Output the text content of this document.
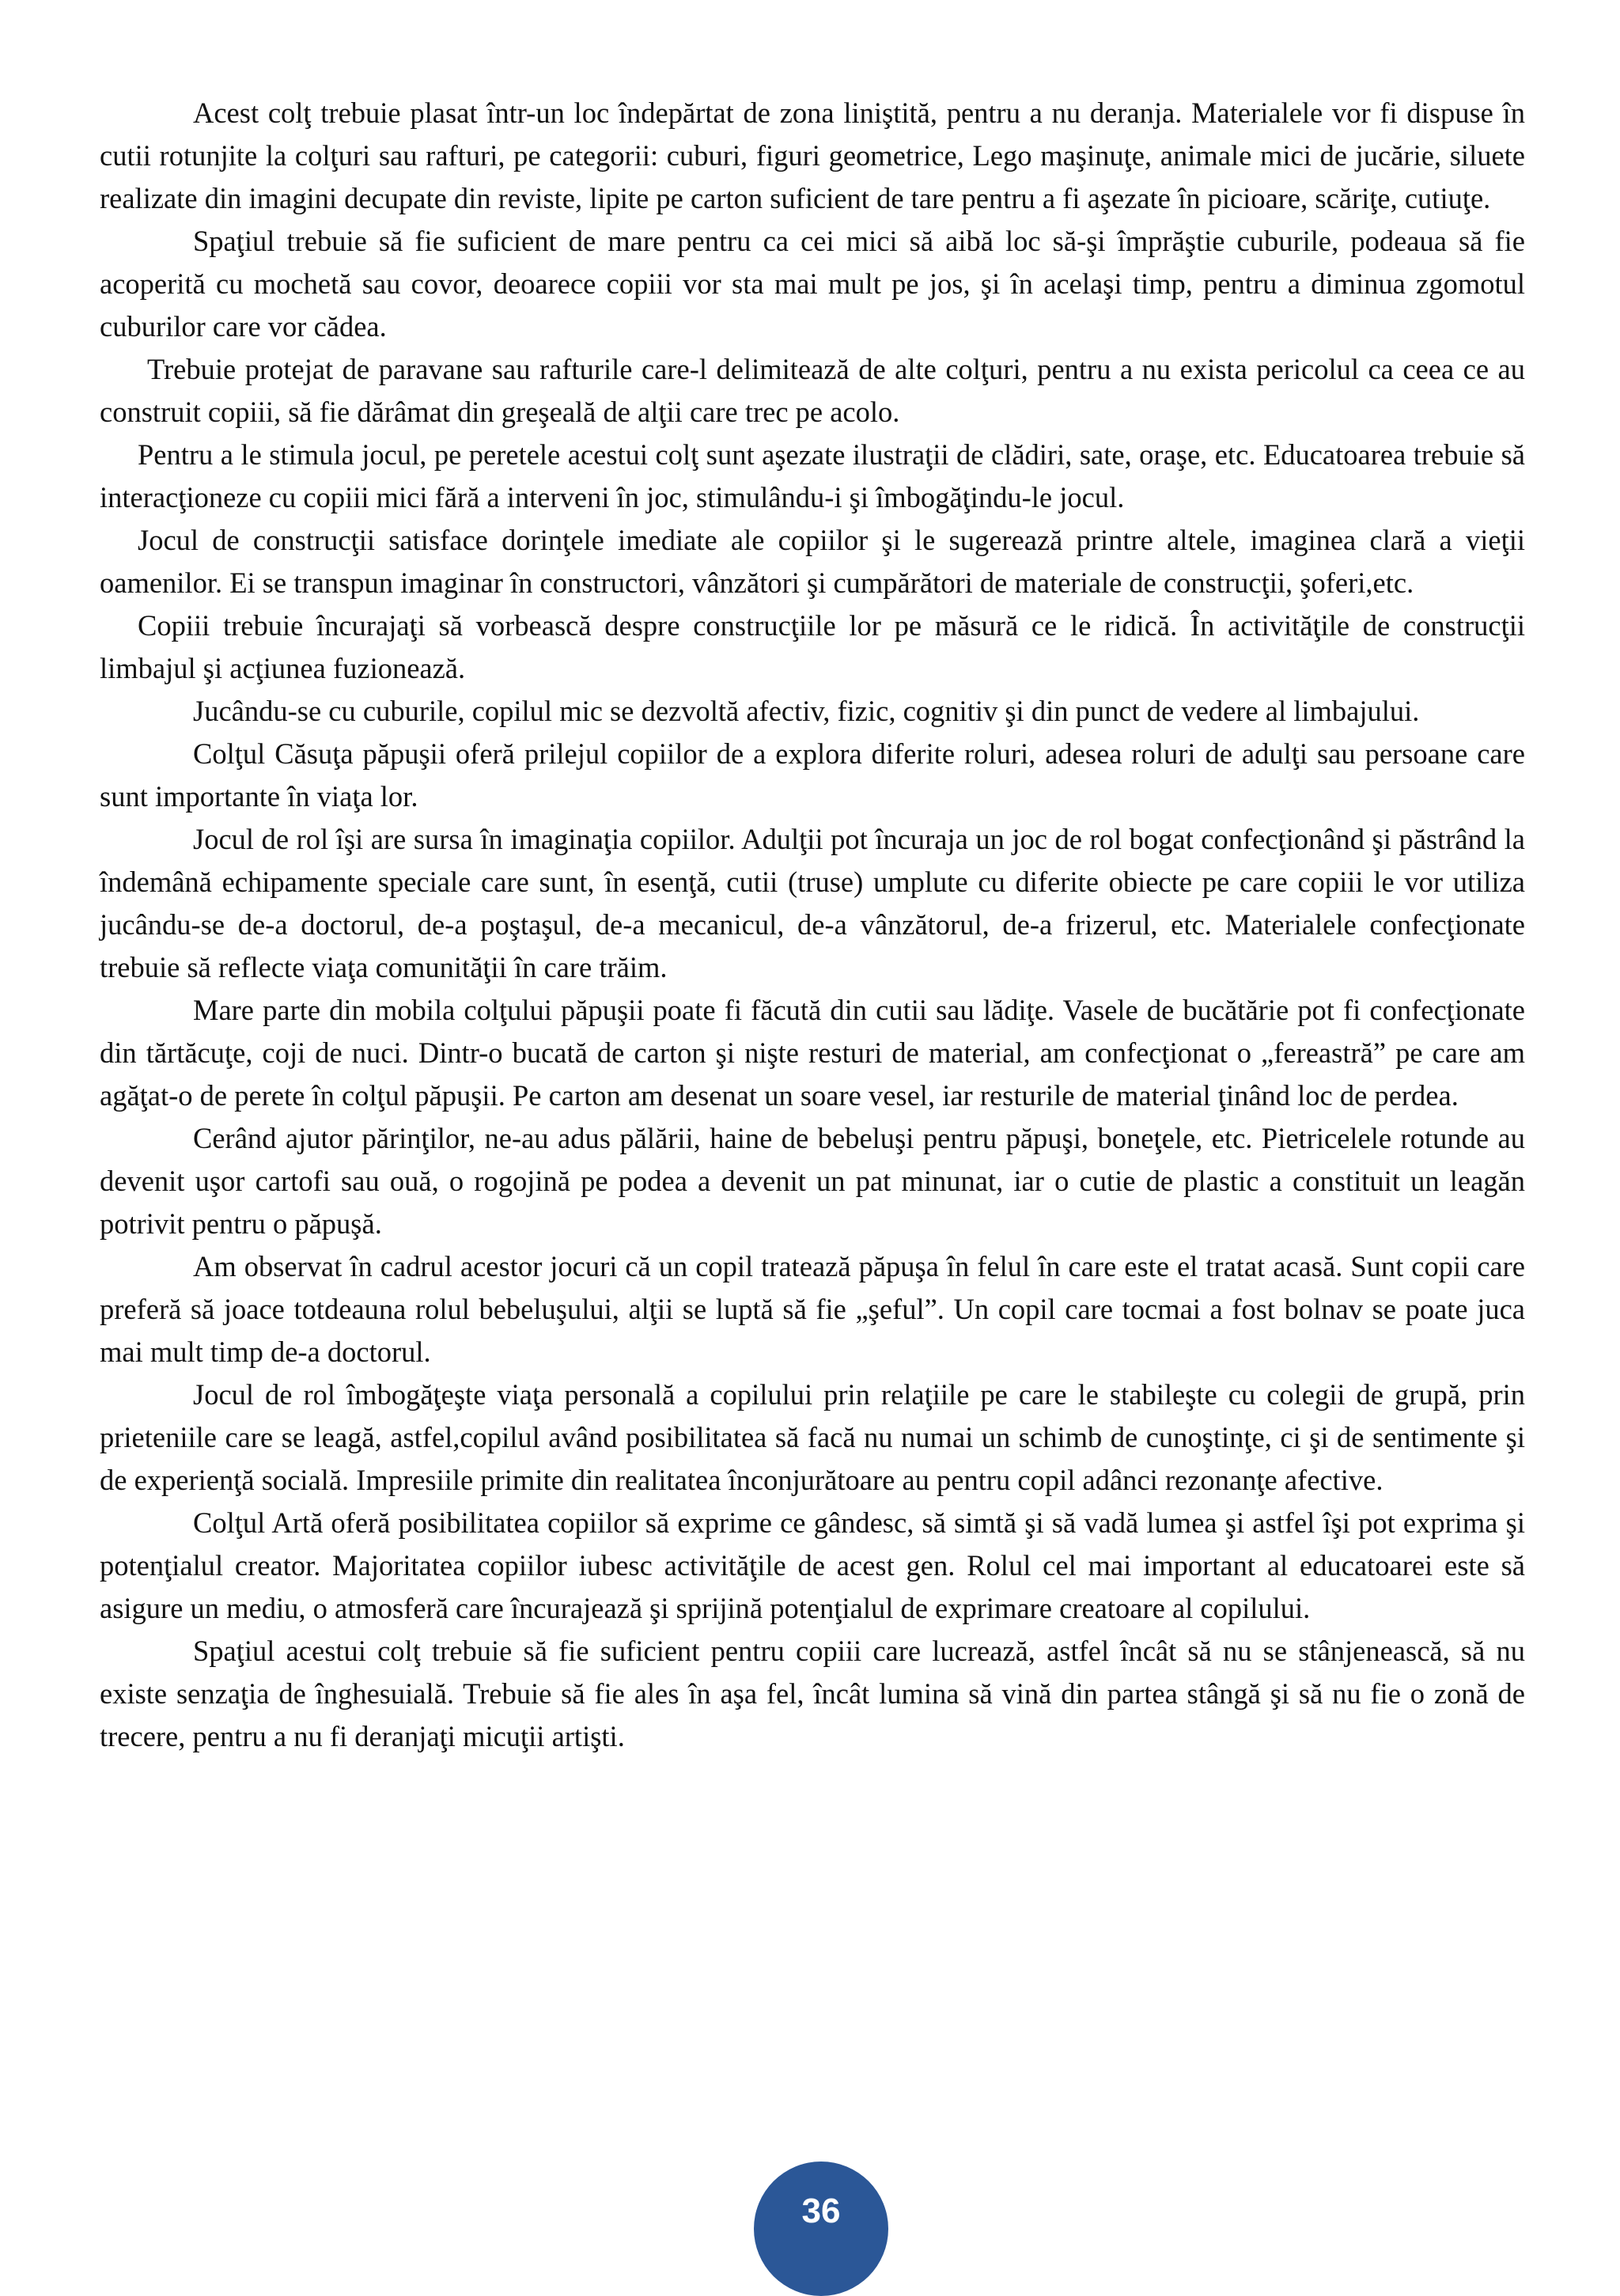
Acest colţ trebuie plasat într-un loc îndepărtat de zona liniştită, pentru a nu deranja. Materialele vor fi dispuse în cutii rotunjite la colţuri sau rafturi, pe categorii: cuburi, figuri geometrice, Lego maşinuţe, animale mici de jucărie, siluete realizate din imagini decupate din reviste, lipite pe carton suficient de tare pentru a fi aşezate în picioare, scăriţe, cutiuţe.

Spaţiul trebuie să fie suficient de mare pentru ca cei mici să aibă loc să-şi împrăştie cuburile, podeaua să fie acoperită cu mochetă sau covor, deoarece copiii vor sta mai mult pe jos, şi în acelaşi timp, pentru a diminua zgomotul cuburilor care vor cădea.

Trebuie protejat de paravane sau rafturile care-l delimitează de alte colţuri, pentru a nu exista pericolul ca ceea ce au construit copiii, să fie dărâmat din greşeală de alţii care trec pe acolo.

Pentru a le stimula jocul, pe peretele acestui colţ sunt aşezate ilustraţii de clădiri, sate, oraşe, etc. Educatoarea trebuie să interacţioneze cu copiii mici fără a interveni în joc, stimulându-i şi îmbogăţindu-le jocul.

Jocul de construcţii satisface dorinţele imediate ale copiilor şi le sugerează printre altele, imaginea clară a vieţii oamenilor. Ei se transpun imaginar în constructori, vânzători şi cumpărători de materiale de construcţii, şoferi,etc.

Copiii trebuie încurajaţi să vorbească despre construcţiile lor pe măsură ce le ridică. În activităţile de construcţii limbajul şi acţiunea fuzionează.

Jucându-se cu cuburile, copilul mic se dezvoltă afectiv, fizic, cognitiv şi din punct de vedere al limbajului.

Colţul Căsuţa păpuşii oferă prilejul copiilor de a explora diferite roluri, adesea roluri de adulţi sau persoane care sunt importante în viaţa lor.

Jocul de rol îşi are sursa în imaginaţia copiilor. Adulţii pot încuraja un joc de rol bogat confecţionând şi păstrând la îndemână echipamente speciale care sunt, în esenţă, cutii (truse) umplute cu diferite obiecte pe care copiii le vor utiliza jucându-se de-a doctorul, de-a poştaşul, de-a mecanicul, de-a vânzătorul, de-a frizerul, etc. Materialele confecţionate trebuie să reflecte viaţa comunităţii în care trăim.

Mare parte din mobila colţului păpuşii poate fi făcută din cutii sau lădiţe. Vasele de bucătărie pot fi confecţionate din tărtăcuţe, coji de nuci. Dintr-o bucată de carton şi nişte resturi de material, am confecţionat o „fereastră” pe care am agăţat-o de perete în colţul păpuşii. Pe carton am desenat un soare vesel, iar resturile de material ţinând loc de perdea.

Cerând ajutor părinţilor, ne-au adus pălării, haine de bebeluşi pentru păpuşi, boneţele, etc. Pietricelele rotunde au devenit uşor cartofi sau ouă, o rogojină pe podea a devenit un pat minunat, iar o cutie de plastic a constituit un leagăn potrivit pentru o păpuşă.

Am observat în cadrul acestor jocuri că un copil tratează păpuşa în felul în care este el tratat acasă. Sunt copii care preferă să joace totdeauna rolul bebeluşului, alţii se luptă să fie „şeful”. Un copil care tocmai a fost bolnav se poate juca mai mult timp de-a doctorul.

Jocul de rol îmbogăţeşte viaţa personală a copilului prin relaţiile pe care le stabileşte cu colegii de grupă, prin prieteniile care se leagă, astfel,copilul având posibilitatea să facă nu numai un schimb de cunoştinţe, ci şi de sentimente şi de experienţă socială. Impresiile primite din realitatea înconjurătoare au pentru copil adânci rezonanţe afective.

Colţul Artă oferă posibilitatea copiilor să exprime ce gândesc, să simtă şi să vadă lumea şi astfel îşi pot exprima şi potenţialul creator. Majoritatea copiilor iubesc activităţile de acest gen. Rolul cel mai important al educatoarei este să asigure un mediu, o atmosferă care încurajează şi sprijină potenţialul de exprimare creatoare al copilului.

Spaţiul acestui colţ trebuie să fie suficient pentru copiii care lucrează, astfel încât să nu se stânjenească, să nu existe senzaţia de înghesuială. Trebuie să fie ales în aşa fel, încât lumina să vină din partea stângă şi să nu fie o zonă de trecere, pentru a nu fi deranjaţi micuţii artişti.

36
